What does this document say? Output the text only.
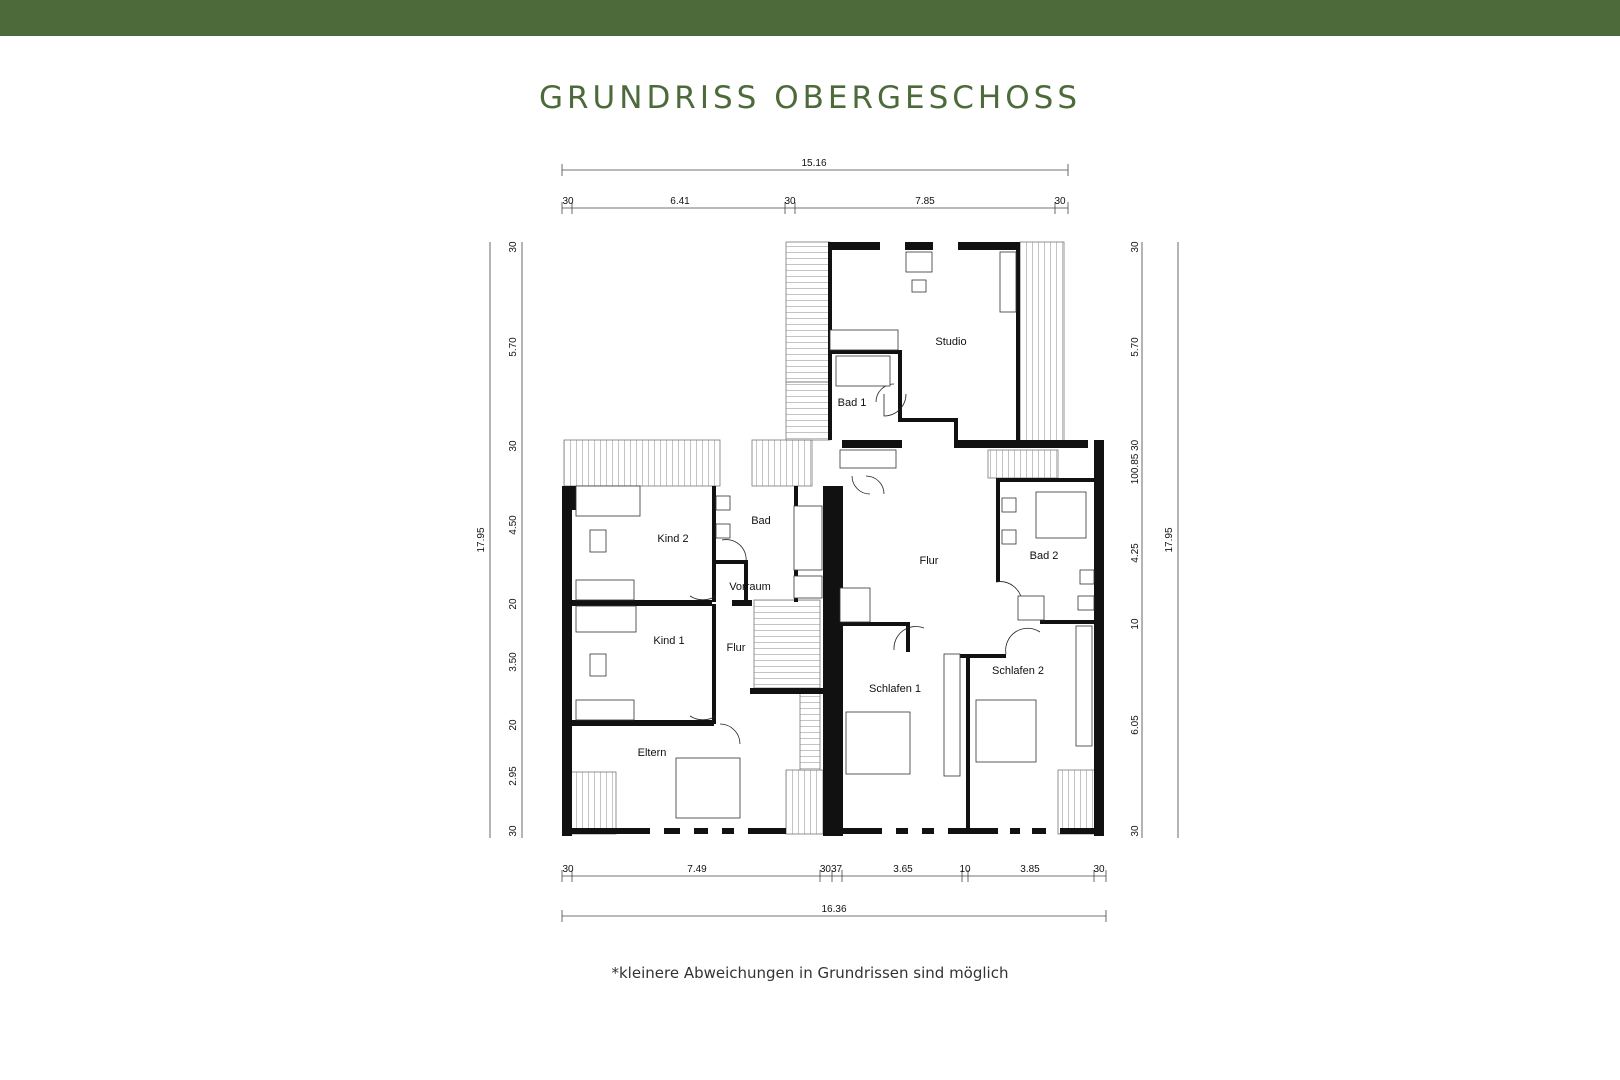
GRUNDRISS OBERGESCHOSS
15.16
30	6.41	30	7.85	30
30	7.49	3037	3.65	10	3.85	30
16.36
17.95
30
5.70
30
4.50
20
3.50
20
2.95
30
30
5.70
100.85 30
4.25
10
6.05
30
17.95
Studio
Bad 1
Kind 2
Bad
Vorraum
Flur	Bad 2
Kind 1
Flur
Schlafen 1
Schlafen 2
Eltern	www.grundriss.com
*kleinere Abweichungen in Grundrissen sind möglich
